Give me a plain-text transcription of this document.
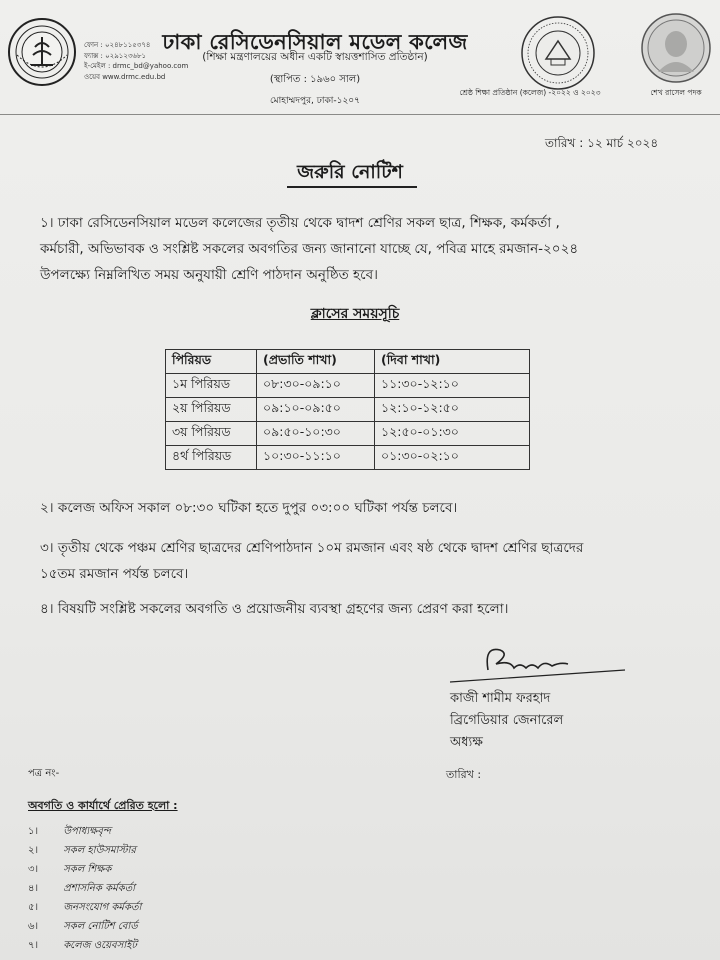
ফোন : ০২৪৮১১৫৩৭৪
ফ্যাক্স : ০২৯১২৩৬৮১
ই-মেইল : drmc_bd@yahoo.com
ওয়েব www.drmc.edu.bd
ঢাকা রেসিডেনসিয়াল মডেল কলেজ
(শিক্ষা মন্ত্রণালয়ের অধীন একটি স্বায়ত্তশাসিত প্রতিষ্ঠান)
(স্থাপিত : ১৯৬০ সাল)
মোহাম্মদপুর, ঢাকা-১২০৭
শ্রেষ্ঠ শিক্ষা প্রতিষ্ঠান (কলেজ) -২০২২ ও ২০২৩	শেখ রাসেল পদক
তারিখ : ১২ মার্চ ২০২৪
জরুরি নোটিশ
১। ঢাকা রেসিডেনসিয়াল মডেল কলেজের তৃতীয় থেকে দ্বাদশ শ্রেণির সকল ছাত্র, শিক্ষক, কর্মকর্তা ,
কর্মচারী, অভিভাবক ও সংশ্লিষ্ট সকলের অবগতির জন্য জানানো যাচ্ছে যে, পবিত্র মাহে রমজান-২০২৪
উপলক্ষ্যে নিম্নলিখিত সময় অনুযায়ী শ্রেণি পাঠদান অনুষ্ঠিত হবে।
ক্লাসের সময়সূচি
পিরিয়ড	(প্রভাতি শাখা)	(দিবা শাখা)
১ম পিরিয়ড	০৮:৩০-০৯:১০	১১:৩০-১২:১০
২য় পিরিয়ড	০৯:১০-০৯:৫০	১২:১০-১২:৫০
৩য় পিরিয়ড	০৯:৫০-১০:৩০	১২:৫০-০১:৩০
৪র্থ পিরিয়ড	১০:৩০-১১:১০	০১:৩০-০২:১০
২। কলেজ অফিস সকাল ০৮:৩০ ঘটিকা হতে দুপুর ০৩:০০ ঘটিকা পর্যন্ত চলবে।
৩। তৃতীয় থেকে পঞ্চম শ্রেণির ছাত্রদের শ্রেণিপাঠদান ১০ম রমজান এবং ষষ্ঠ থেকে দ্বাদশ শ্রেণির ছাত্রদের
১৫তম রমজান পর্যন্ত চলবে।
৪। বিষয়টি সংশ্লিষ্ট সকলের অবগতি ও প্রয়োজনীয় ব্যবস্থা গ্রহণের জন্য প্রেরণ করা হলো।
কাজী শামীম ফরহাদ
ব্রিগেডিয়ার জেনারেল
অধ্যক্ষ
পত্র নং-	তারিখ :
অবগতি ও কার্যার্থে প্রেরিত হলো :
১।	উপাধ্যক্ষবৃন্দ
২।	সকল হাউসমাস্টার
৩।	সকল শিক্ষক
৪।	প্রশাসনিক কর্মকর্তা
৫।	জনসংযোগ কর্মকর্তা
৬।	সকল নোটিশ বোর্ড
৭।	কলেজ ওয়েবসাইট
